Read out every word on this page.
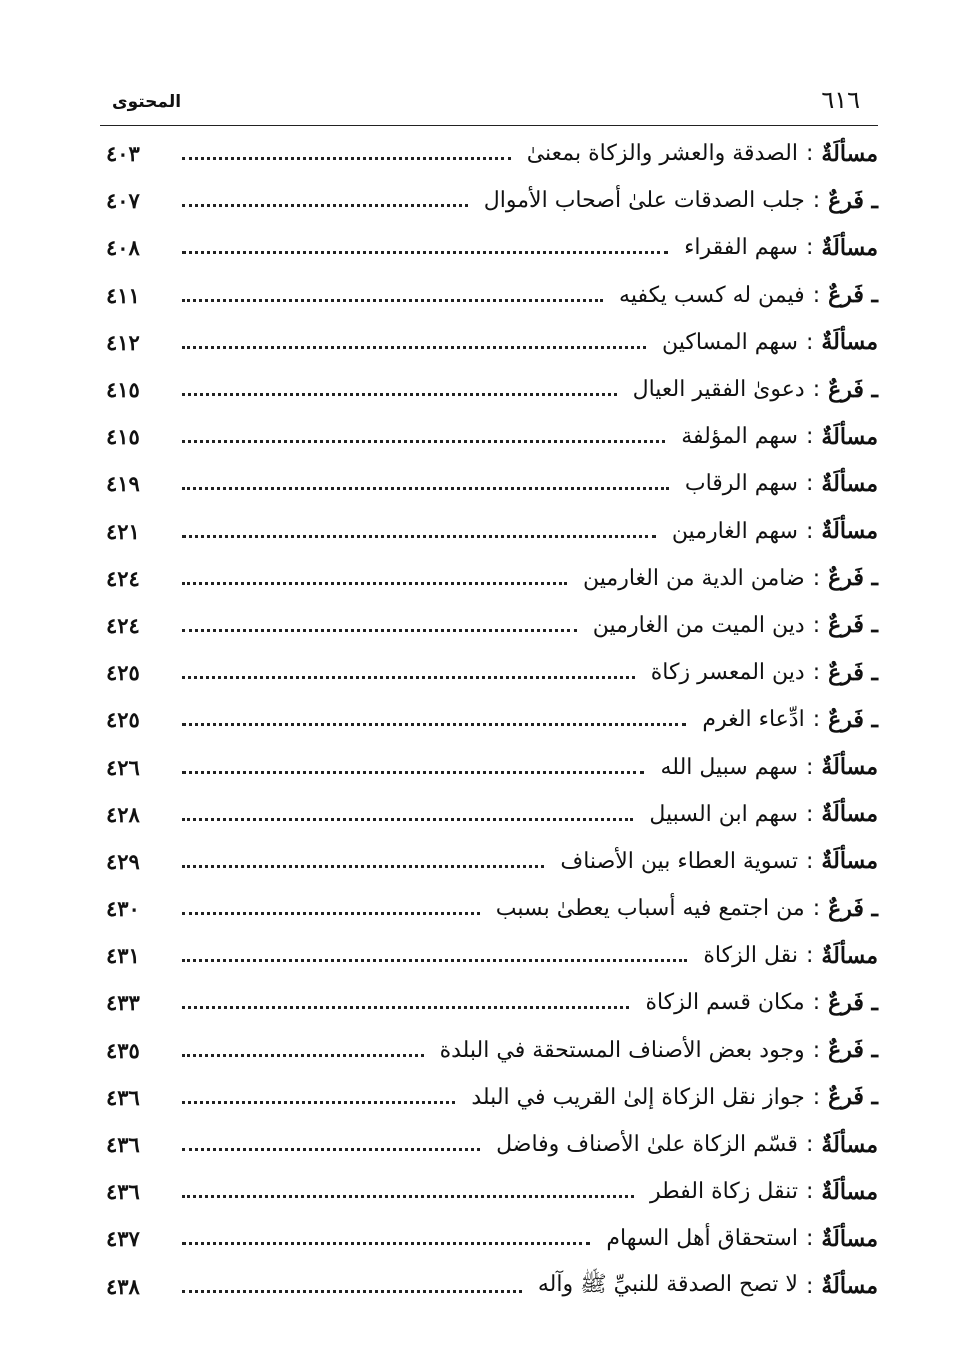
المحتوى	٦١٦
مسألَةٌ
:
الصدقة والعشر والزكاة بمعنىٰ
٤٠٣
ـ فَرعٌ
:
جلب الصدقات علىٰ أصحاب الأموال
٤٠٧
مسألَةٌ
:
سهم الفقراء
٤٠٨
ـ فَرعٌ
:
فيمن له كسب يكفيه
٤١١
مسألَةٌ
:
سهم المساكين
٤١٢
ـ فَرعٌ
:
دعوىٰ الفقير العيال
٤١٥
مسألَةٌ
:
سهم المؤلفة
٤١٥
مسألَةٌ
:
سهم الرقاب
٤١٩
مسألَةٌ
:
سهم الغارمين
٤٢١
ـ فَرعٌ
:
ضامن الدية من الغارمين
٤٢٤
ـ فَرعٌ
:
دين الميت من الغارمين
٤٢٤
ـ فَرعٌ
:
دين المعسر زكاة
٤٢٥
ـ فَرعٌ
:
ادِّعاء الغرم
٤٢٥
مسألَةٌ
:
سهم سبيل الله
٤٢٦
مسألَةٌ
:
سهم ابن السبيل
٤٢٨
مسألَةٌ
:
تسوية العطاء بين الأصناف
٤٢٩
ـ فَرعٌ
:
من اجتمع فيه أسباب يعطىٰ بسبب
٤٣٠
مسألَةٌ
:
نقل الزكاة
٤٣١
ـ فَرعٌ
:
مكان قسم الزكاة
٤٣٣
ـ فَرعٌ
:
وجود بعض الأصناف المستحقة في البلدة
٤٣٥
ـ فَرعٌ
:
جواز نقل الزكاة إلىٰ القريب في البلد
٤٣٦
مسألَةٌ
:
قسّم الزكاة علىٰ الأصناف وفاضل
٤٣٦
مسألَةٌ
:
تنقل زكاة الفطر
٤٣٦
مسألَةٌ
:
استحقاق أهل السهام
٤٣٧
مسألَةٌ
:
لا تصح الصدقة للنبيِّ ﷺ وآله
٤٣٨
